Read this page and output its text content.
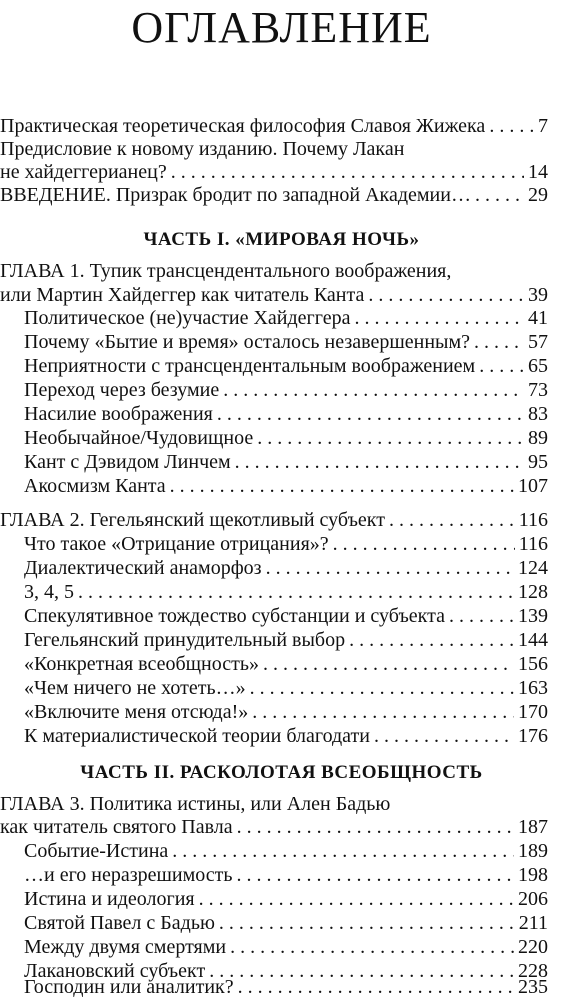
ОГЛАВЛЕНИЕ
Практическая теоретическая философия Славоя Жижека . . .	7
Предисловие к новому изданию. Почему Лакан
не хайдеггерианец? . . .	14
ВВЕДЕНИЕ. Призрак бродит по западной Академии… . . .	29
ЧАСТЬ I. «МИРОВАЯ НОЧЬ»
ГЛАВА 1. Тупик трансцендентального воображения,
или Мартин Хайдеггер как читатель Канта . . .	39
Политическое (не)участие Хайдеггера . . .	41
Почему «Бытие и время» осталось незавершенным? . . .	57
Неприятности с трансцендентальным воображением . . .	65
Переход через безумие . . .	73
Насилие воображения . . .	83
Необычайное/Чудовищное . . .	89
Кант с Дэвидом Линчем . . .	95
Акосмизм Канта . . .	107
ГЛАВА 2. Гегельянский щекотливый субъект . . .	116
Что такое «Отрицание отрицания»? . . .	116
Диалектический анаморфоз . . .	124
3, 4, 5 . . .	128
Спекулятивное тождество субстанции и субъекта . . .	139
Гегельянский принудительный выбор . . .	144
«Конкретная всеобщность» . . .	156
«Чем ничего не хотеть…» . . .	163
«Включите меня отсюда!» . . .	170
К материалистической теории благодати . . .	176
ЧАСТЬ II. РАСКОЛОТАЯ ВСЕОБЩНОСТЬ
ГЛАВА 3. Политика истины, или Ален Бадью
как читатель святого Павла . . .	187
Событие-Истина . . .	189
…и его неразрешимость . . .	198
Истина и идеология . . .	206
Святой Павел с Бадью . . .	211
Между двумя смертями . . .	220
Лакановский субъект . . .	228
Господин или аналитик? . . .	235
